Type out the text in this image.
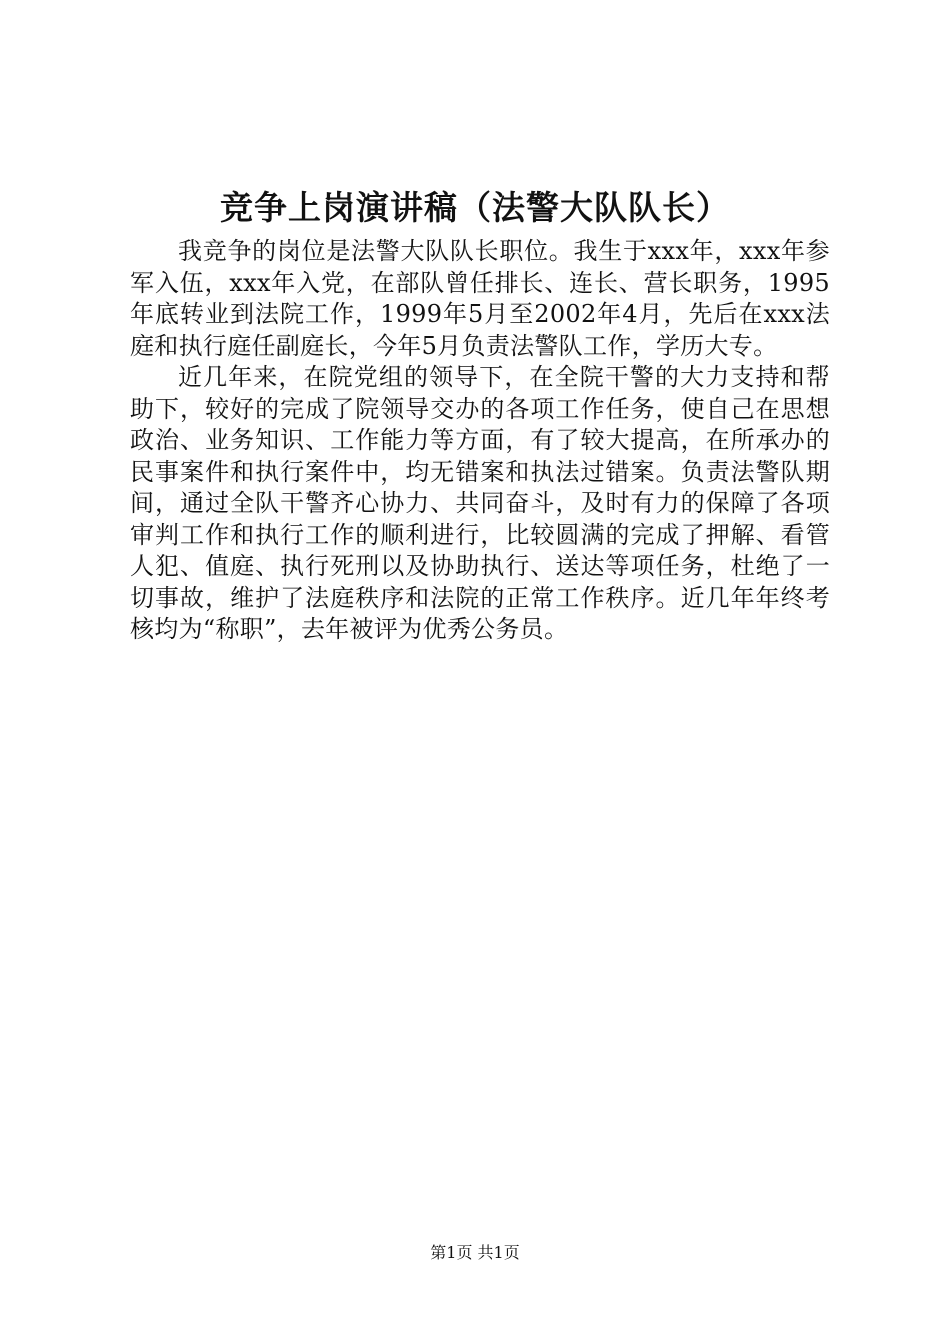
竞争上岗演讲稿（法警大队队长）

我竞争的岗位是法警大队队长职位。我生于xxx年，xxx年参军入伍，xxx年入党，在部队曾任排长、连长、营长职务，1995年底转业到法院工作，1999年5月至2002年4月，先后在xxx法庭和执行庭任副庭长，今年5月负责法警队工作，学历大专。

近几年来，在院党组的领导下，在全院干警的大力支持和帮助下，较好的完成了院领导交办的各项工作任务，使自己在思想政治、业务知识、工作能力等方面，有了较大提高，在所承办的民事案件和执行案件中，均无错案和执法过错案。负责法警队期间，通过全队干警齐心协力、共同奋斗，及时有力的保障了各项审判工作和执行工作的顺利进行，比较圆满的完成了押解、看管人犯、值庭、执行死刑以及协助执行、送达等项任务，杜绝了一切事故，维护了法庭秩序和法院的正常工作秩序。近几年年终考核均为“称职”，去年被评为优秀公务员。

第1页 共1页
